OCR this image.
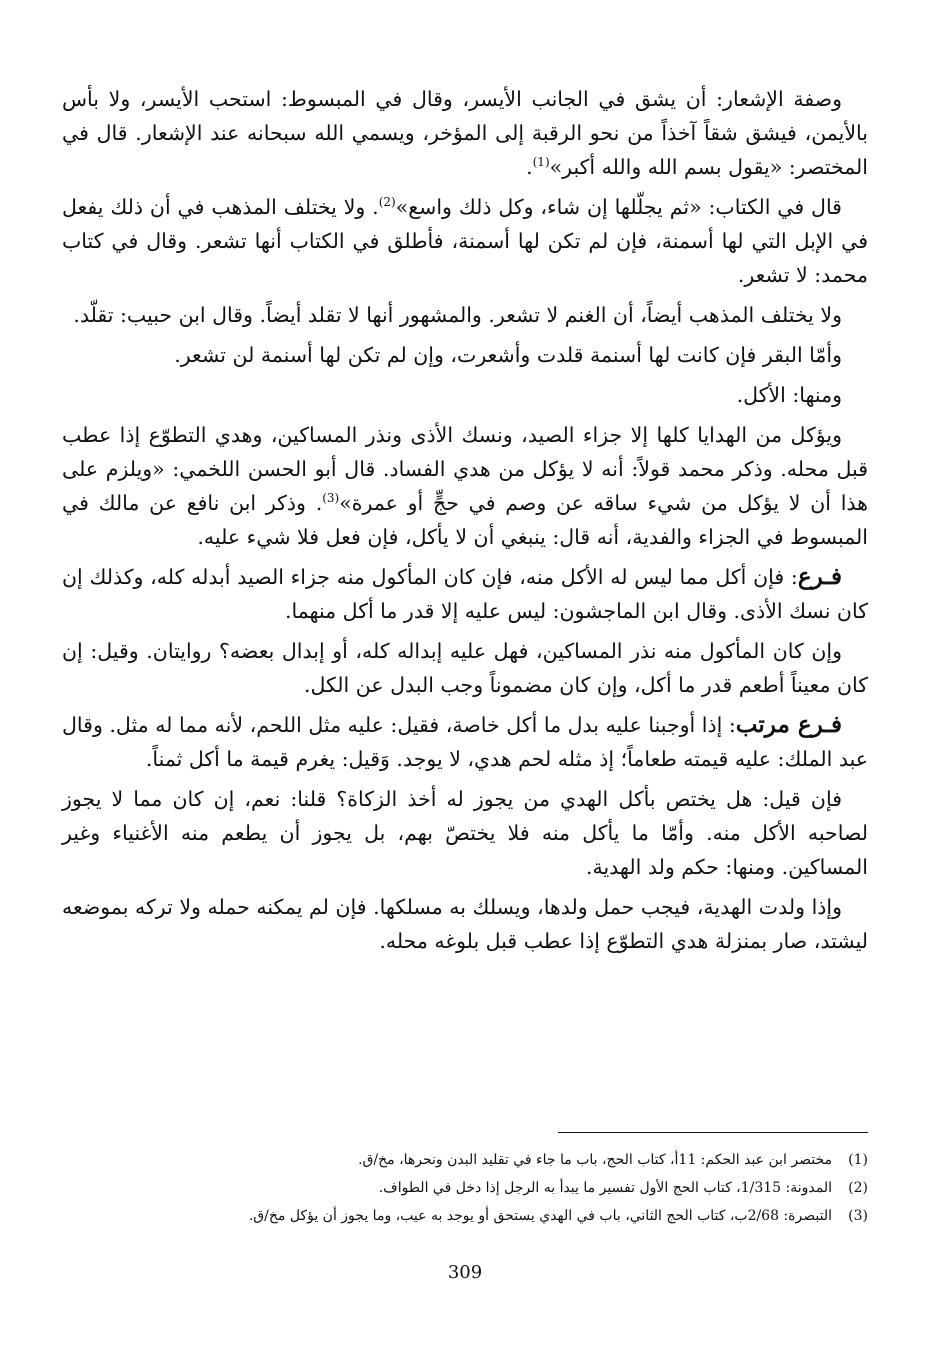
وصفة الإشعار: أن يشق في الجانب الأيسر، وقال في المبسوط: استحب الأيسر، ولا بأس بالأيمن، فيشق شقاً آخذاً من نحو الرقبة إلى المؤخر، ويسمي الله سبحانه عند الإشعار. قال في المختصر: «يقول بسم الله والله أكبر»$^{(1)}$.

قال في الكتاب: «ثم يجلّلها إن شاء، وكل ذلك واسع»$^{(2)}$. ولا يختلف المذهب في أن ذلك يفعل في الإبل التي لها أسمنة، فإن لم تكن لها أسمنة، فأطلق في الكتاب أنها تشعر. وقال في كتاب محمد: لا تشعر.

ولا يختلف المذهب أيضاً، أن الغنم لا تشعر. والمشهور أنها لا تقلد أيضاً. وقال ابن حبيب: تقلّد.

وأمّا البقر فإن كانت لها أسنمة قلدت وأشعرت، وإن لم تكن لها أسنمة لن تشعر.

ومنها: الأكل.

ويؤكل من الهدايا كلها إلا جزاء الصيد، ونسك الأذى ونذر المساكين، وهدي التطوّع إذا عطب قبل محله. وذكر محمد قولاً: أنه لا يؤكل من هدي الفساد. قال أبو الحسن اللخمي: «ويلزم على هذا أن لا يؤكل من شيء ساقه عن وصم في حجٍّ أو عمرة»$^{(3)}$. وذكر ابن نافع عن مالك في المبسوط في الجزاء والفدية، أنه قال: ينبغي أن لا يأكل، فإن فعل فلا شيء عليه.

فـرع: فإن أكل مما ليس له الأكل منه، فإن كان المأكول منه جزاء الصيد أبدله كله، وكذلك إن كان نسك الأذى. وقال ابن الماجشون: ليس عليه إلا قدر ما أكل منهما.

وإن كان المأكول منه نذر المساكين، فهل عليه إبداله كله، أو إبدال بعضه؟ روايتان. وقيل: إن كان معيناً أطعم قدر ما أكل، وإن كان مضموناً وجب البدل عن الكل.

فـرع مرتب: إذا أوجبنا عليه بدل ما أكل خاصة، فقيل: عليه مثل اللحم، لأنه مما له مثل. وقال عبد الملك: عليه قيمته طعاماً؛ إذ مثله لحم هدي، لا يوجد. وَقيل: يغرم قيمة ما أكل ثمناً.

فإن قيل: هل يختص بأكل الهدي من يجوز له أخذ الزكاة؟ قلنا: نعم، إن كان مما لا يجوز لصاحبه الأكل منه. وأمّا ما يأكل منه فلا يختصّ بهم، بل يجوز أن يطعم منه الأغنياء وغير المساكين. ومنها: حكم ولد الهدية.

وإذا ولدت الهدية، فيجب حمل ولدها، ويسلك به مسلكها. فإن لم يمكنه حمله ولا تركه بموضعه ليشتد، صار بمنزلة هدي التطوّع إذا عطب قبل بلوغه محله.

(1)مختصر ابن عبد الحكم: 11أ، كتاب الحج، باب ما جاء في تقليد البدن ونحرها، مخ/ق.
(2)المدونة: 1/315، كتاب الحج الأول تفسير ما يبدأ به الرجل إذا دخل في الطواف.
(3)التبصرة: 2/68ب، كتاب الحج الثاني، باب في الهدي يستحق أو يوجد به عيب، وما يجوز أن يؤكل مخ/ق.
309
